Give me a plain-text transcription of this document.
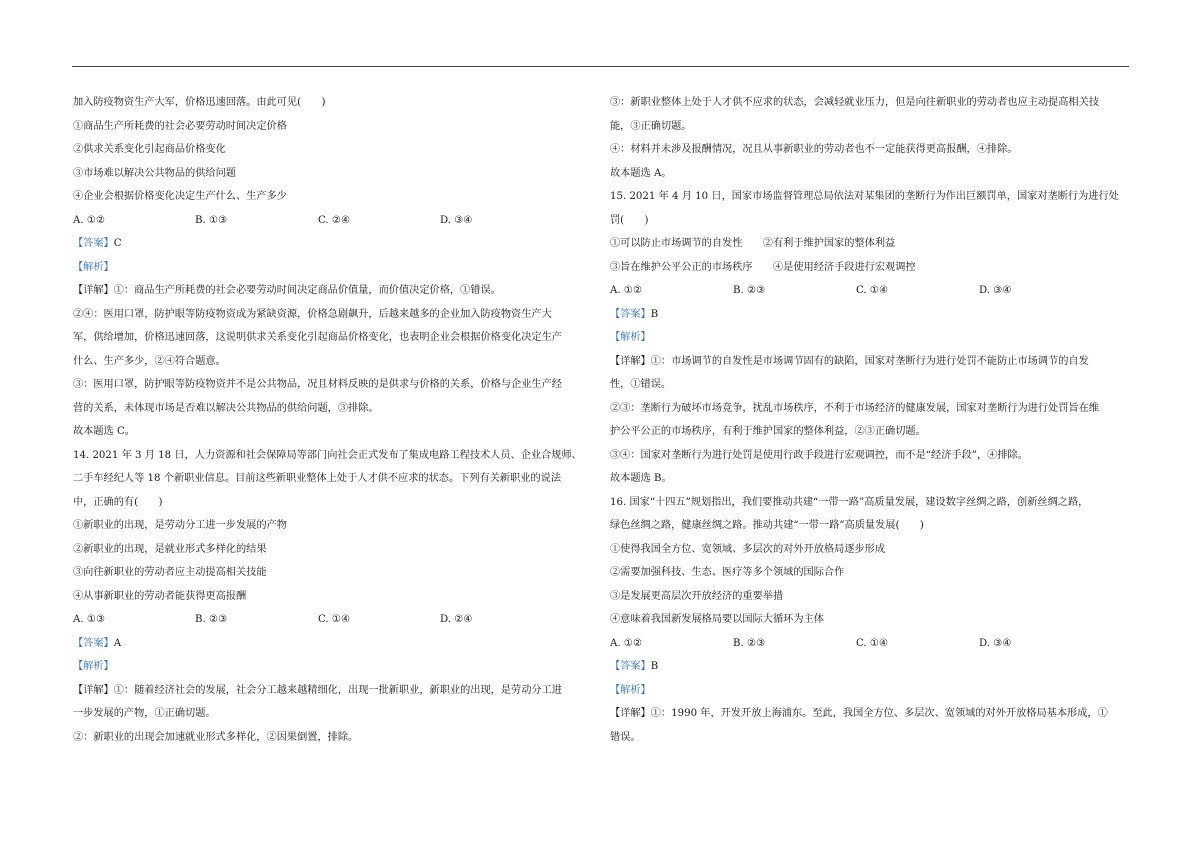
加入防疫物资生产大军，价格迅速回落。由此可见(　　)
①商品生产所耗费的社会必要劳动时间决定价格
②供求关系变化引起商品价格变化
③市场难以解决公共物品的供给问题
④企业会根据价格变化决定生产什么、生产多少
A. ①②	B. ①③	C. ②④	D. ③④
【答案】C
【解析】
【详解】①：商品生产所耗费的社会必要劳动时间决定商品价值量，而价值决定价格，①错误。
②④：医用口罩，防护眼等防疫物资成为紧缺资源，价格急剧飙升，后越来越多的企业加入防疫物资生产大
军，供给增加，价格迅速回落，这说明供求关系变化引起商品价格变化，也表明企业会根据价格变化决定生产
什么、生产多少，②④符合题意。
③：医用口罩，防护眼等防疫物资并不是公共物品，况且材料反映的是供求与价格的关系，价格与企业生产经
营的关系，未体现市场是否难以解决公共物品的供给问题，③排除。
故本题选 C。
14. 2021 年 3 月 18 日，人力资源和社会保障局等部门向社会正式发布了集成电路工程技术人员、企业合规师、
二手车经纪人等 18 个新职业信息。目前这些新职业整体上处于人才供不应求的状态。下列有关新职业的说法
中，正确的有(　　)
①新职业的出现，是劳动分工进一步发展的产物
②新职业的出现，是就业形式多样化的结果
③向往新职业的劳动者应主动提高相关技能
④从事新职业的劳动者能获得更高报酬
A. ①③	B. ②③	C. ①④	D. ②④
【答案】A
【解析】
【详解】①：随着经济社会的发展，社会分工越来越精细化，出现一批新职业，新职业的出现，是劳动分工进
一步发展的产物，①正确切题。
②：新职业的出现会加速就业形式多样化，②因果倒置，排除。
③：新职业整体上处于人才供不应求的状态，会减轻就业压力，但是向往新职业的劳动者也应主动提高相关技
能，③正确切题。
④：材料并未涉及报酬情况，况且从事新职业的劳动者也不一定能获得更高报酬，④排除。
故本题选 A。
15. 2021 年 4 月 10 日，国家市场监督管理总局依法对某集团的垄断行为作出巨额罚单，国家对垄断行为进行处
罚(　　)
①可以防止市场调节的自发性　　②有利于维护国家的整体利益
③旨在维护公平公正的市场秩序　　④是使用经济手段进行宏观调控
A. ①②	B. ②③	C. ①④	D. ③④
【答案】B
【解析】
【详解】①：市场调节的自发性是市场调节固有的缺陷，国家对垄断行为进行处罚不能防止市场调节的自发
性，①错误。
②③：垄断行为破坏市场竞争，扰乱市场秩序，不利于市场经济的健康发展，国家对垄断行为进行处罚旨在维
护公平公正的市场秩序，有利于维护国家的整体利益，②③正确切题。
③④：国家对垄断行为进行处罚是使用行政手段进行宏观调控，而不是“经济手段”，④排除。
故本题选 B。
16. 国家“十四五”规划指出，我们要推动共建“一带一路”高质量发展，建设数字丝绸之路，创新丝绸之路，
绿色丝绸之路，健康丝绸之路。推动共建“一带一路”高质量发展(　　)
①使得我国全方位、宽领域、多层次的对外开放格局逐步形成
②需要加强科技、生态、医疗等多个领域的国际合作
③是发展更高层次开放经济的重要举措
④意味着我国新发展格局要以国际大循环为主体
A. ①②	B. ②③	C. ①④	D. ③④
【答案】B
【解析】
【详解】①：1990 年，开发开放上海浦东。至此，我国全方位、多层次、宽领域的对外开放格局基本形成，①
错误。
